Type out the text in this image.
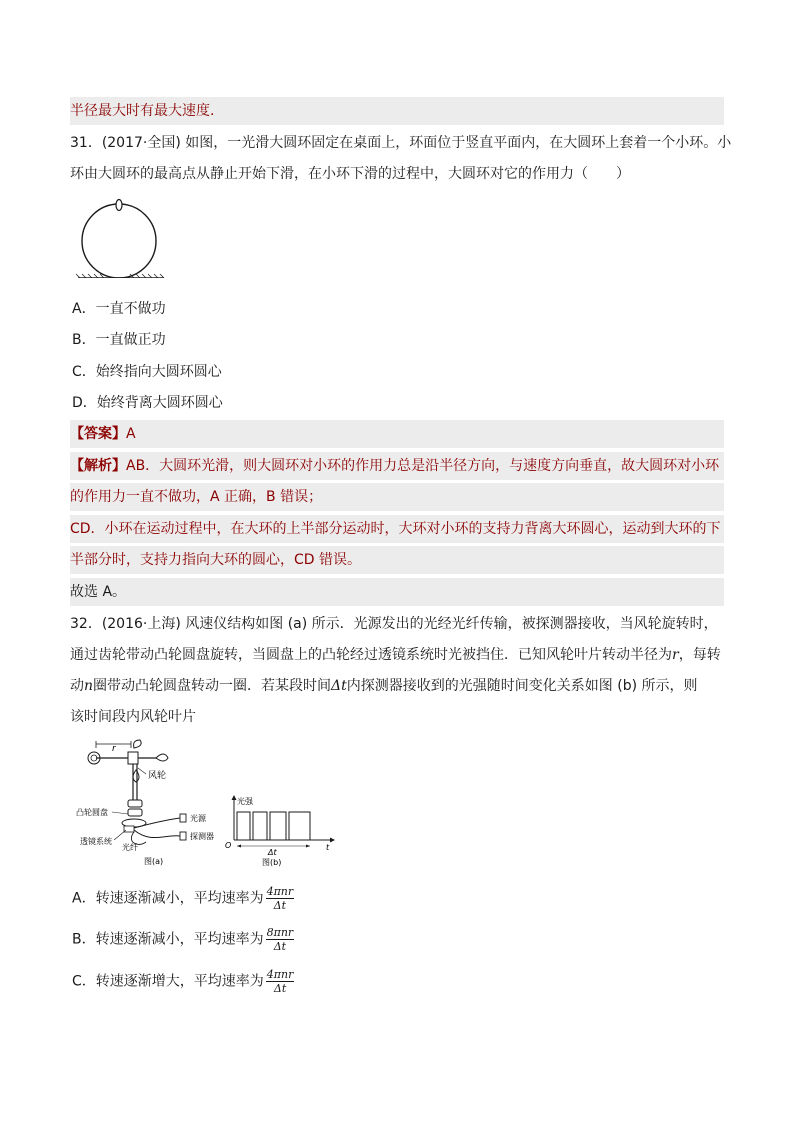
半径最大时有最大速度.
31．(2017·全国) 如图，一光滑大圆环固定在桌面上，环面位于竖直平面内，在大圆环上套着一个小环。小
环由大圆环的最高点从静止开始下滑，在小环下滑的过程中，大圆环对它的作用力（　　）
A．一直不做功
B．一直做正功
C．始终指向大圆环圆心
D．始终背离大圆环圆心
【答案】A
【解析】AB．大圆环光滑，则大圆环对小环的作用力总是沿半径方向，与速度方向垂直，故大圆环对小环
的作用力一直不做功，A 正确，B 错误；
CD．小环在运动过程中，在大环的上半部分运动时，大环对小环的支持力背离大环圆心，运动到大环的下
半部分时，支持力指向大环的圆心，CD 错误。
故选 A。
32．(2016·上海) 风速仪结构如图 (a) 所示．光源发出的光经光纤传输，被探测器接收，当风轮旋转时，
通过齿轮带动凸轮圆盘旋转，当圆盘上的凸轮经过透镜系统时光被挡住．已知风轮叶片转动半径为r，每转
动n圈带动凸轮圆盘转动一圈．若某段时间Δt内探测器接收到的光强随时间变化关系如图 (b) 所示，则
该时间段内风轮叶片
r
风轮
凸轮圆盘
光源
探测器
透镜系统
光纤
图(a)
光强
O	t
Δt
图(b)
A．转速逐渐减小，平均速率为 $\frac{\text{4πnr}}{\Delta t}$
B．转速逐渐减小，平均速率为 $\frac{\text{8πnr}}{\Delta t}$
C．转速逐渐增大，平均速率为 $\frac{\text{4πnr}}{\Delta t}$
